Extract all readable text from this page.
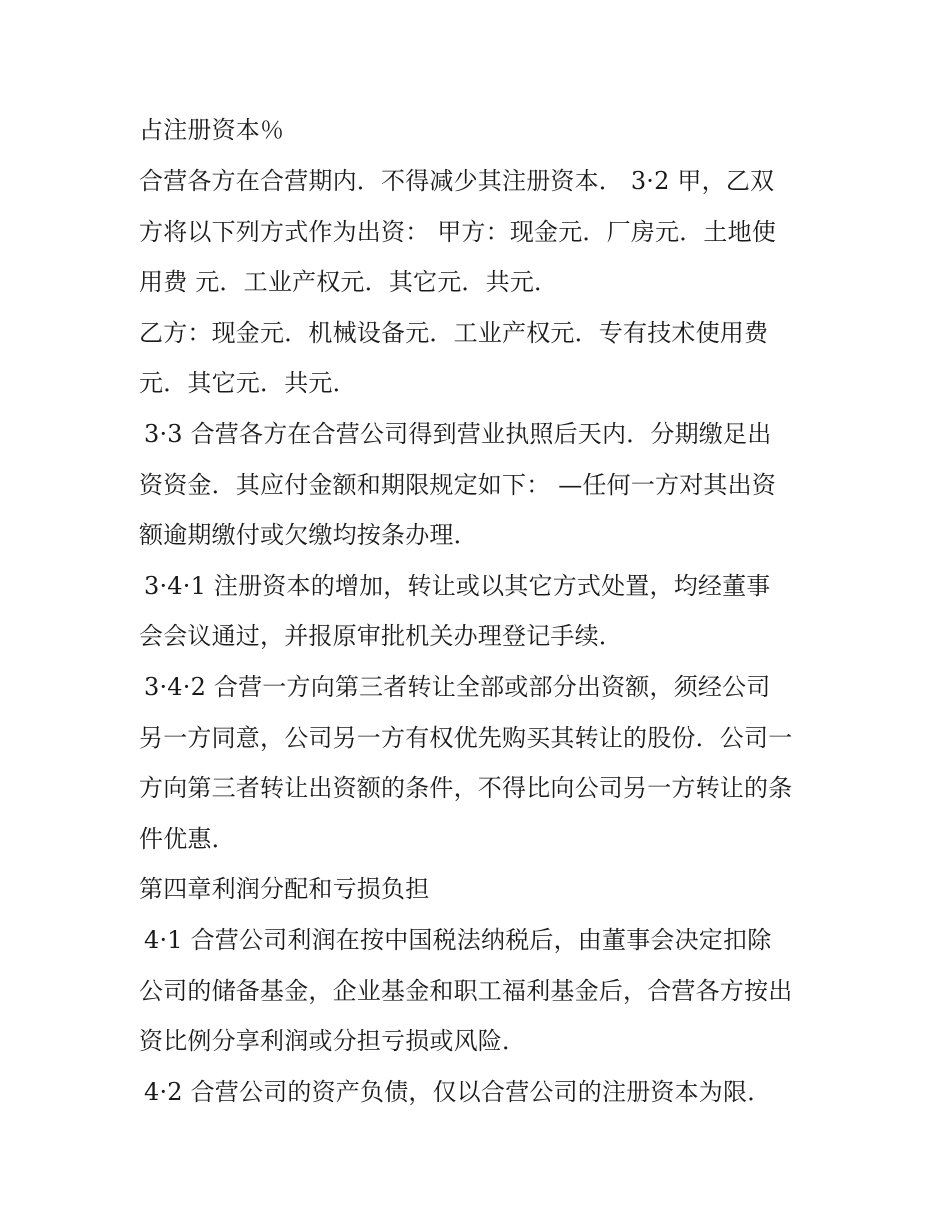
占注册资本％
合营各方在合营期内．不得减少其注册资本． 3·2 甲，乙双
方将以下列方式作为出资： 甲方：现金元．厂房元．土地使
用费 元．工业产权元．其它元．共元．
乙方：现金元．机械设备元．工业产权元．专有技术使用费
元．其它元．共元．
3·3 合营各方在合营公司得到营业执照后天内．分期缴足出
资资金．其应付金额和期限规定如下： —任何一方对其出资
额逾期缴付或欠缴均按条办理．
3·4·1 注册资本的增加，转让或以其它方式处置，均经董事
会会议通过，并报原审批机关办理登记手续．
3·4·2 合营一方向第三者转让全部或部分出资额，须经公司
另一方同意，公司另一方有权优先购买其转让的股份．公司一
方向第三者转让出资额的条件，不得比向公司另一方转让的条
件优惠．
第四章利润分配和亏损负担
4·1 合营公司利润在按中国税法纳税后，由董事会决定扣除
公司的储备基金，企业基金和职工福利基金后，合营各方按出
资比例分享利润或分担亏损或风险．
4·2 合营公司的资产负债，仅以合营公司的注册资本为限．
